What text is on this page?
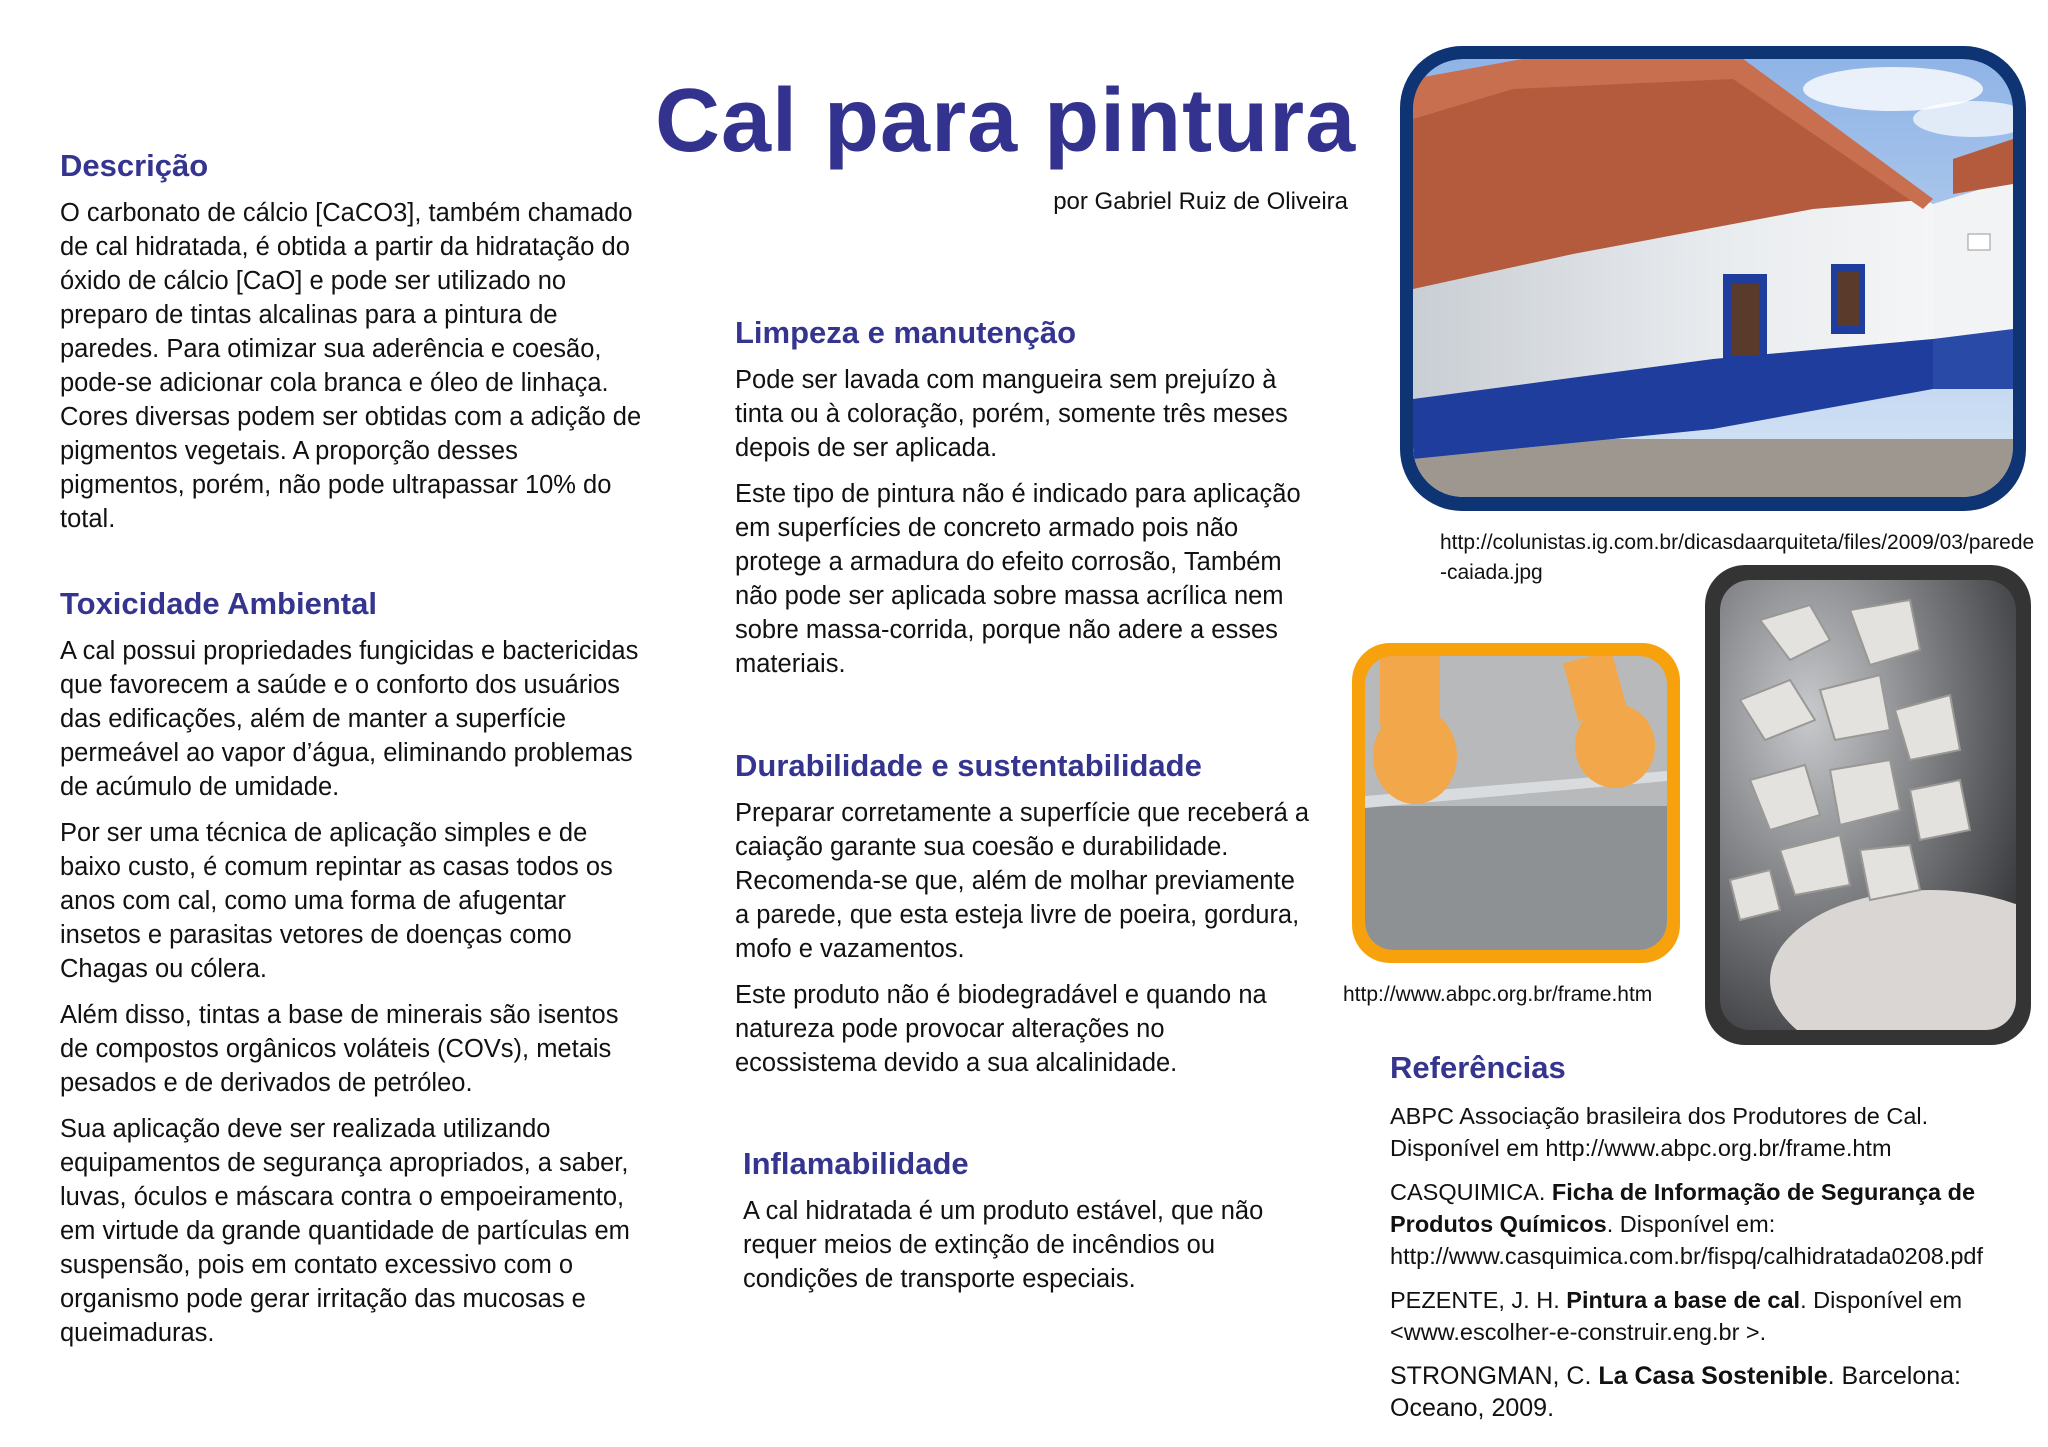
Cal para pintura
por Gabriel Ruiz de Oliveira
Descrição

O carbonato de cálcio [CaCO3], também chamado de cal hidratada, é obtida a partir da hidratação do óxido de cálcio [CaO] e pode ser utilizado no preparo de tintas alcalinas para a pintura de paredes. Para otimizar sua aderência e coesão, pode-se adicionar cola branca e óleo de linhaça. Cores diversas podem ser obtidas com a adição de pigmentos vegetais. A proporção desses pigmentos, porém, não pode ultrapassar 10% do total.

Toxicidade Ambiental

A cal possui propriedades fungicidas e bactericidas que favorecem a saúde e o conforto dos usuários das edificações, além de manter a superfície permeável ao vapor d’água, eliminando problemas de acúmulo de umidade.

Por ser uma técnica de aplicação simples e de baixo custo, é comum repintar as casas todos os anos com cal, como uma forma de afugentar insetos e parasitas vetores de doenças como Chagas ou cólera.

Além disso, tintas a base de minerais são isentos de compostos orgânicos voláteis (COVs), metais pesados e de derivados de petróleo.

Sua aplicação deve ser realizada utilizando equipamentos de segurança apropriados, a saber, luvas, óculos e máscara contra o empoeiramento, em virtude da grande quantidade de partículas em suspensão, pois em contato excessivo com o organismo pode gerar irritação das mucosas e queimaduras.

Limpeza e manutenção

Pode ser lavada com mangueira sem prejuízo à tinta ou à coloração, porém, somente três meses depois de ser aplicada.

Este tipo de pintura não é indicado para aplicação em superfícies de concreto armado pois não protege a armadura do efeito corrosão, Também não pode ser aplicada sobre massa acrílica nem sobre massa-corrida, porque não adere a esses materiais.

Durabilidade e sustentabilidade

Preparar corretamente a superfície que receberá a caiação garante sua coesão e durabilidade. Recomenda-se que, além de molhar previamente a parede, que esta esteja livre de poeira, gordura, mofo e vazamentos.

Este produto não é biodegradável e quando na natureza pode provocar alterações no ecossistema devido a sua alcalinidade.

Inflamabilidade

A cal hidratada é um produto estável, que não requer meios de extinção de incêndios ou condições de transporte especiais.

http://colunistas.ig.com.br/dicasdaarquiteta/files/2009/03/parede-caiada.jpg
http://www.abpc.org.br/frame.htm
Referências

ABPC Associação brasileira dos Produtores de Cal. Disponível em http://www.abpc.org.br/frame.htm

CASQUIMICA. Ficha de Informação de Segurança de Produtos Químicos. Disponível em: http://www.casquimica.com.br/fispq/calhidratada0208.pdf

PEZENTE, J. H. Pintura a base de cal. Disponível em <www.escolher-e-construir.eng.br >.

STRONGMAN, C. La Casa Sostenible. Barcelona: Oceano, 2009.
